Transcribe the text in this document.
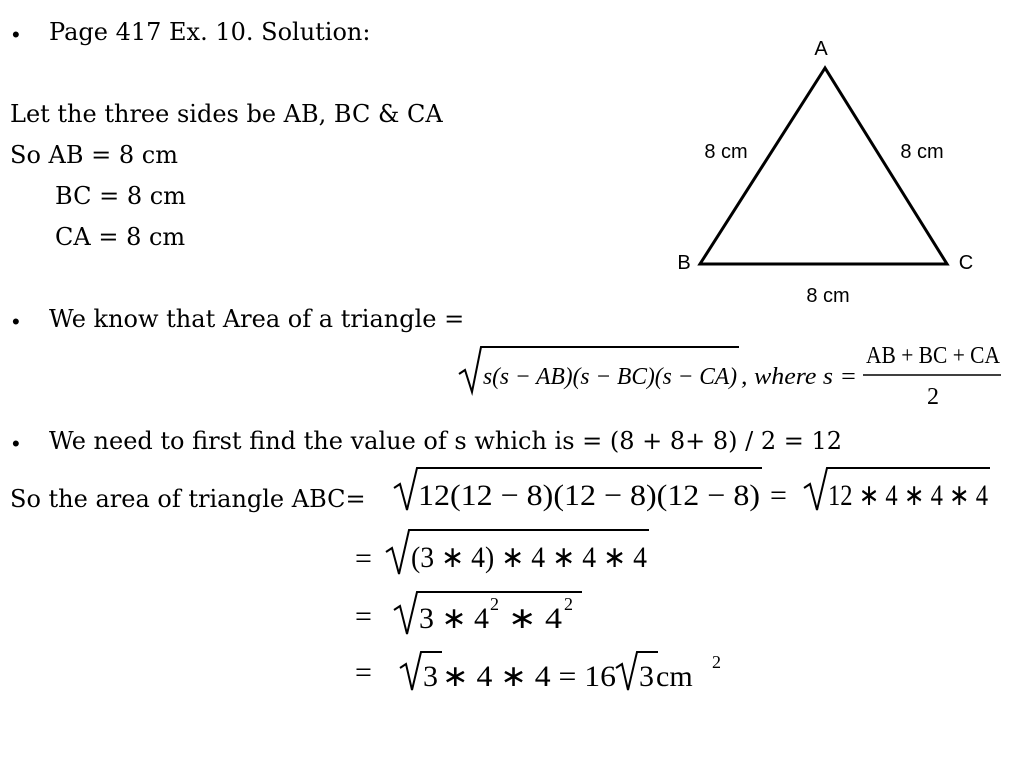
• Page 417 Ex. 10. Solution:
Let the three sides be AB, BC & CA
So AB = 8 cm
BC = 8 cm
CA = 8 cm
• We know that Area of a triangle =
• We need to first find the value of s which is = (8 + 8+ 8) / 2 = 12
So the area of triangle ABC=
A
B	C
8 cm	8 cm
8 cm
s(s − AB)(s − BC)(s − CA) , where s =
AB + BC + CA
2
12(12 − 8)(12 − 8)(12 − 8) = 12 ∗ 4 ∗ 4 ∗ 4
= (3 ∗ 4) ∗ 4 ∗ 4 ∗ 4
= 3 ∗ 4 2 ∗ 4 2
= 3 ∗ 4 ∗ 4 = 16 3 cm 2
